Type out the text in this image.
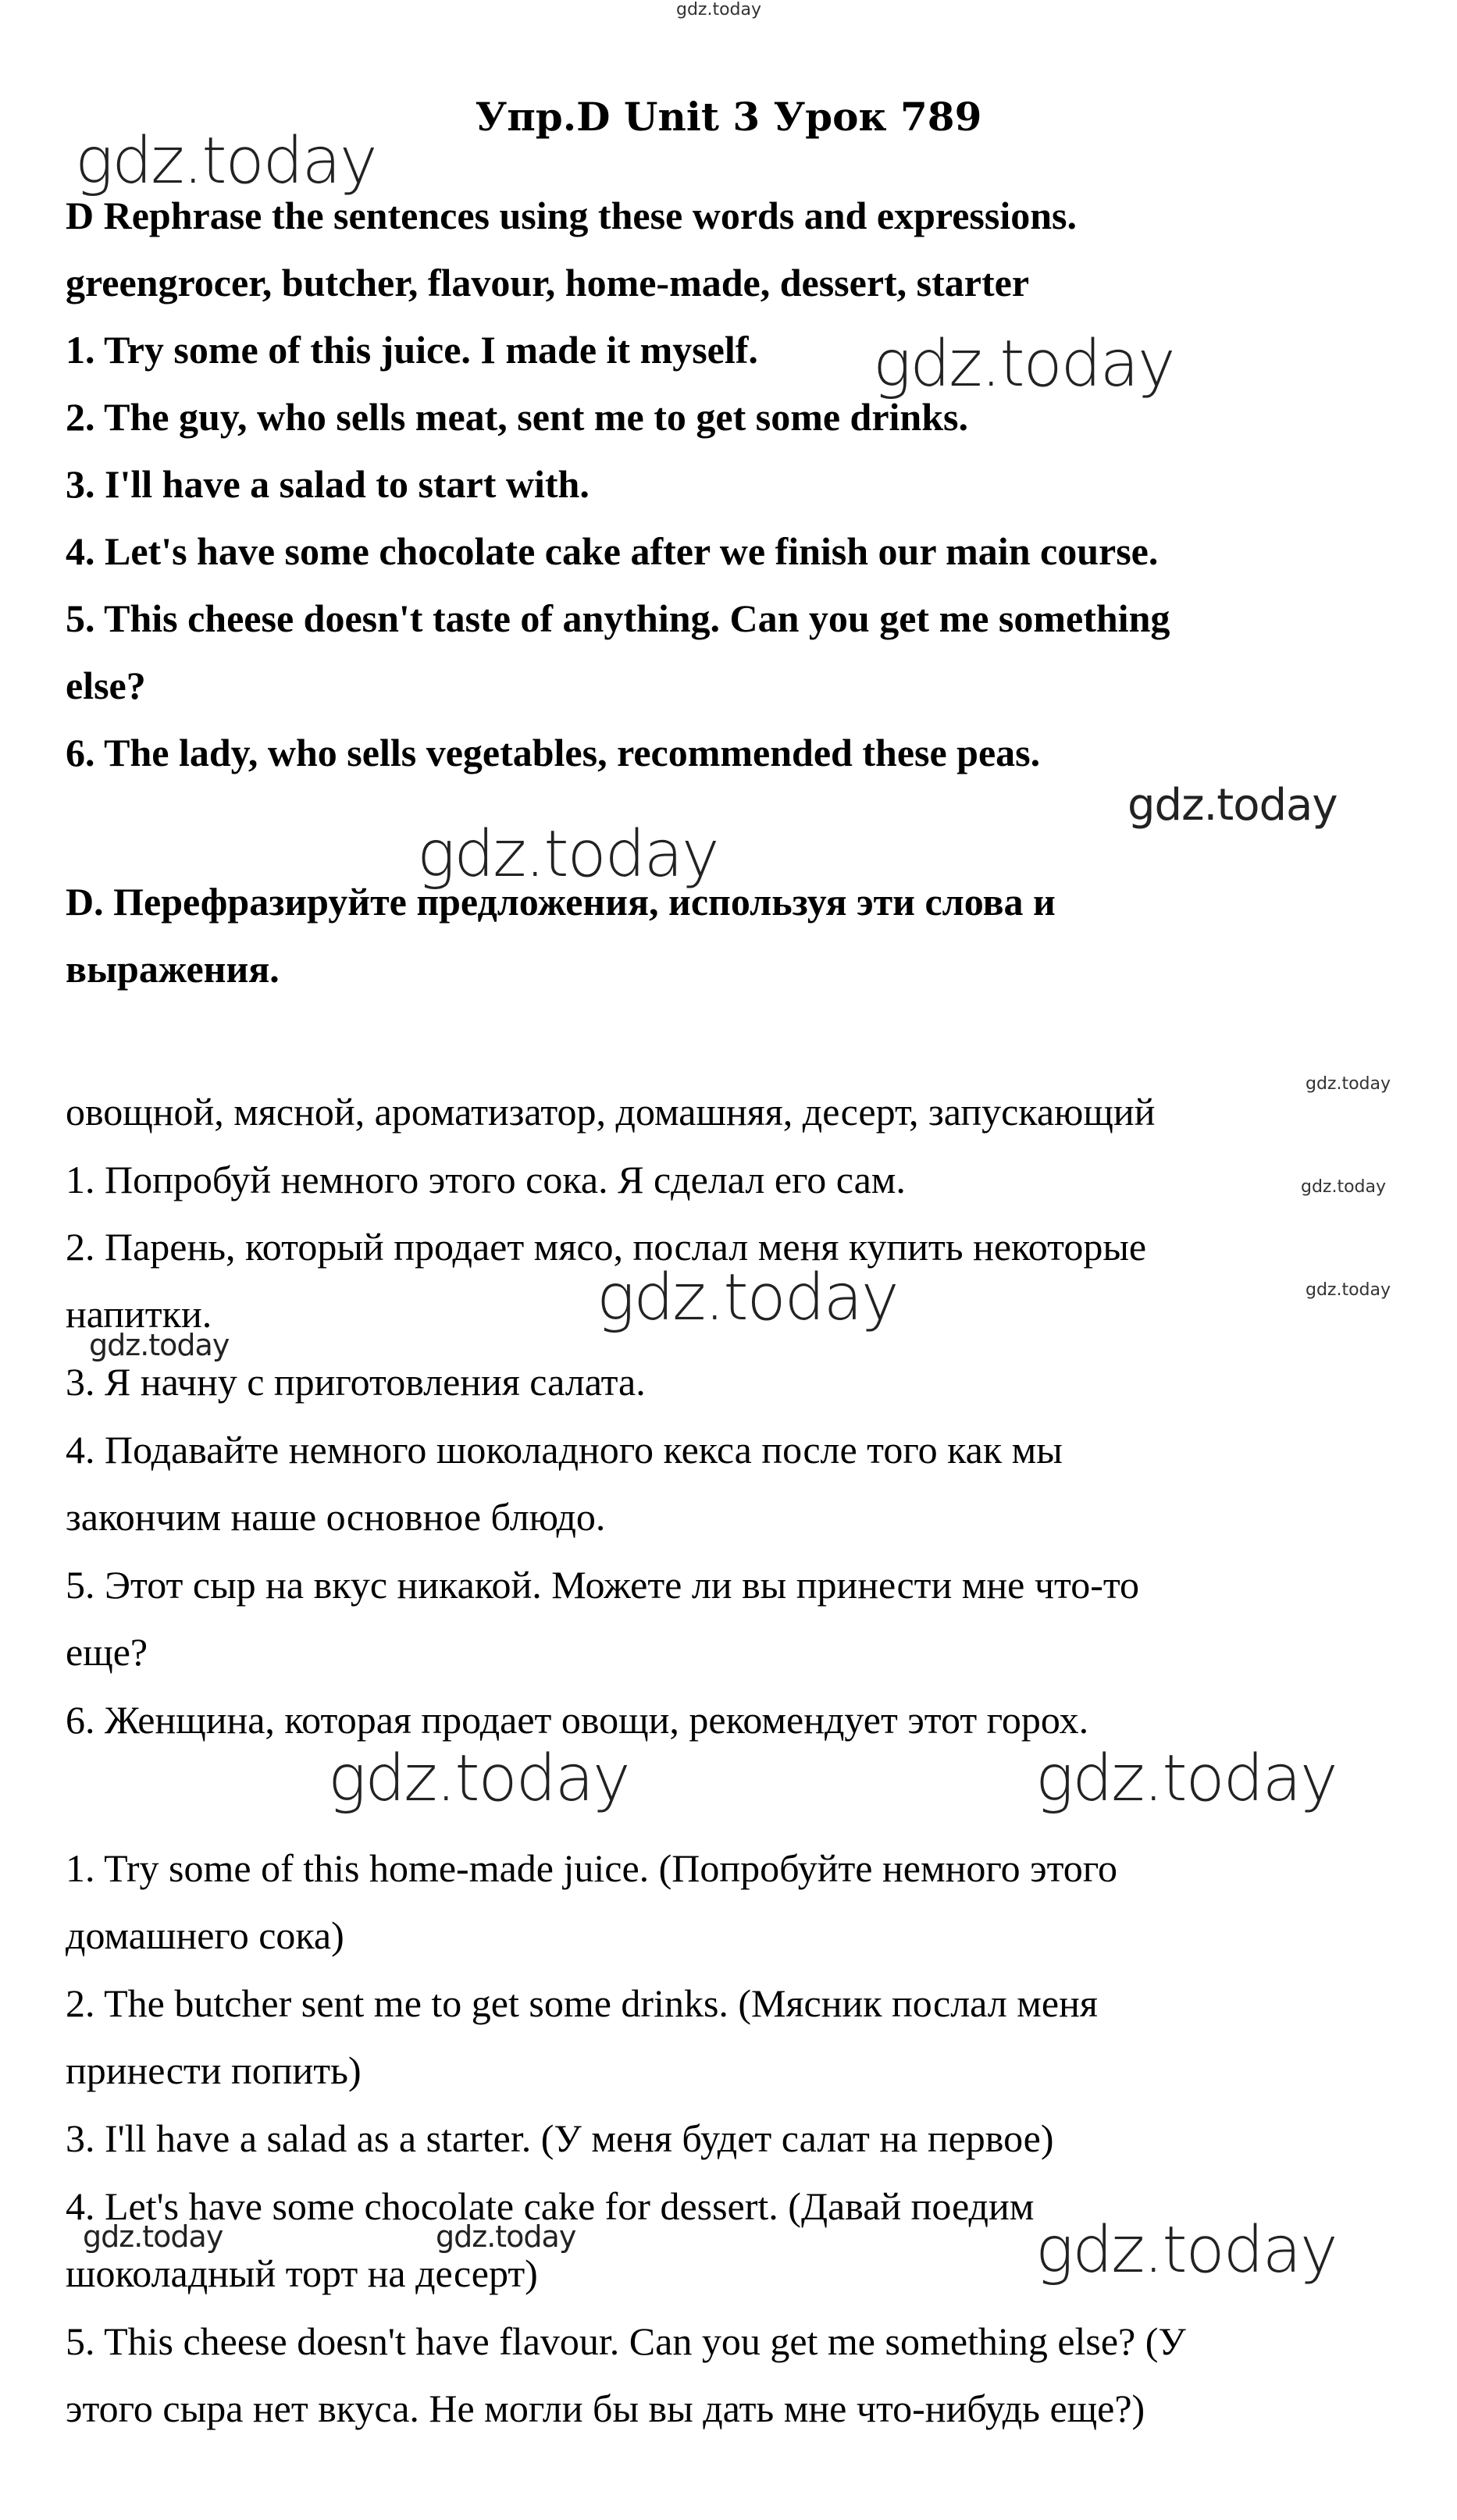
gdz.today
Упр.D Unit 3 Урок 789
D Rephrase the sentences using these words and expressions.
greengrocer, butcher, flavour, home-made, dessert, starter
1. Try some of this juice. I made it myself.
2. The guy, who sells meat, sent me to get some drinks.
3. I'll have a salad to start with.
4. Let's have some chocolate cake after we finish our main course.
5. This cheese doesn't taste of anything. Can you get me something
else?
6. The lady, who sells vegetables, recommended these peas.
D. Перефразируйте предложения, используя эти слова и
выражения.
овощной, мясной, ароматизатор, домашняя, десерт, запускающий
1. Попробуй немного этого сока. Я сделал его сам.
2. Парень, который продает мясо, послал меня купить некоторые
напитки.
3. Я начну с приготовления салата.
4. Подавайте немного шоколадного кекса после того как мы
закончим наше основное блюдо.
5. Этот сыр на вкус никакой. Можете ли вы принести мне что-то
еще?
6. Женщина, которая продает овощи, рекомендует этот горох.
1. Try some of this home-made juice. (Попробуйте немного этого
домашнего сока)
2. The butcher sent me to get some drinks. (Мясник послал меня
принести попить)
3. I'll have a salad as a starter. (У меня будет салат на первое)
4. Let's have some chocolate cake for dessert. (Давай поедим
шоколадный торт на десерт)
5. This cheese doesn't have flavour. Can you get me something else? (У
этого сыра нет вкуса. Не могли бы вы дать мне что-нибудь еще?)
gdz.today
gdz.today
gdz.today
gdz.today
gdz.today
gdz.today
gdz.today
gdz.today
gdz.today
gdz.today	gdz.today
gdz.today	gdz.today	gdz.today
